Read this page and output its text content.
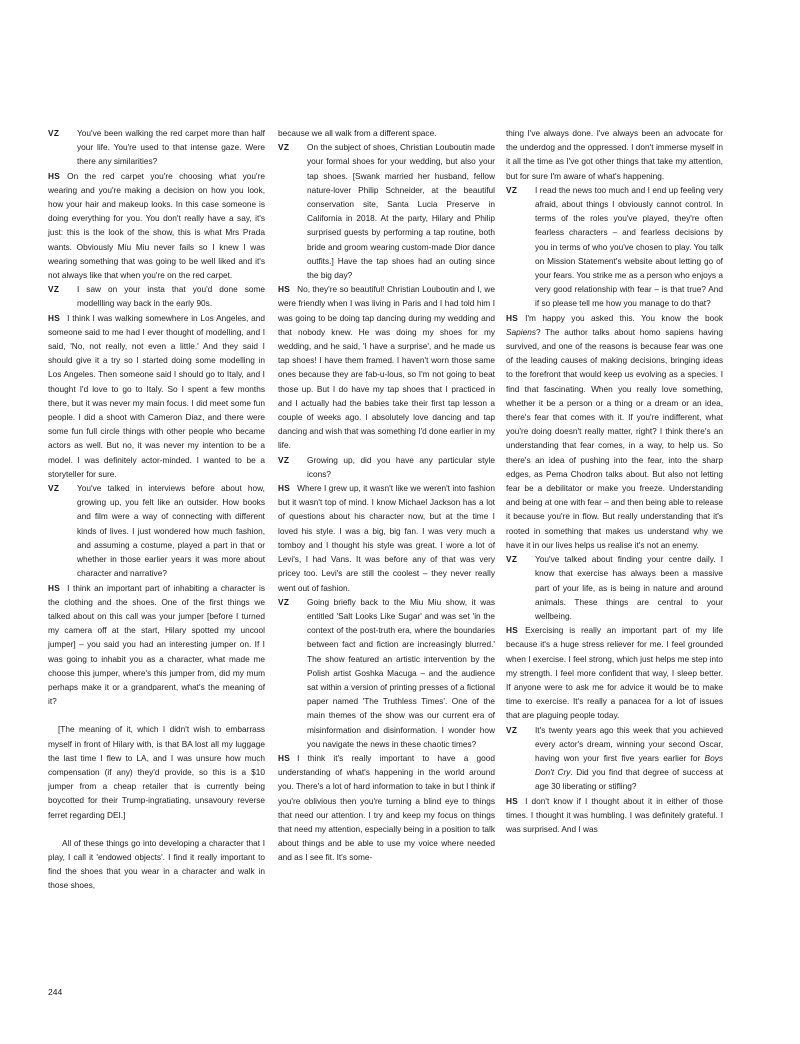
VZ You've been walking the red carpet more than half your life. You're used to that intense gaze. Were there any similarities?

HS On the red carpet you're choosing what you're wearing and you're making a decision on how you look, how your hair and makeup looks. In this case someone is doing everything for you. You don't really have a say, it's just: this is the look of the show, this is what Mrs Prada wants. Obviously Miu Miu never fails so I knew I was wearing something that was going to be well liked and it's not always like that when you're on the red carpet.

VZ I saw on your insta that you'd done some modellling way back in the early 90s.

HS I think I was walking somewhere in Los Angeles, and someone said to me had I ever thought of modelling, and I said, 'No, not really, not even a little.' And they said I should give it a try so I started doing some modelling in Los Angeles. Then someone said I should go to Italy, and I thought I'd love to go to Italy. So I spent a few months there, but it was never my main focus. I did meet some fun people. I did a shoot with Cameron Diaz, and there were some fun full circle things with other people who became actors as well. But no, it was never my intention to be a model. I was definitely actor-minded. I wanted to be a storyteller for sure.

VZ You've talked in interviews before about how, growing up, you felt like an outsider. How books and film were a way of connecting with different kinds of lives. I just wondered how much fashion, and assuming a costume, played a part in that or whether in those earlier years it was more about character and narrative?

HS I think an important part of inhabiting a character is the clothing and the shoes. One of the first things we talked about on this call was your jumper [before I turned my camera off at the start, Hilary spotted my uncool jumper] – you said you had an interesting jumper on. If I was going to inhabit you as a character, what made me choose this jumper, where's this jumper from, did my mum perhaps make it or a grandparent, what's the meaning of it?

[The meaning of it, which I didn't wish to embarrass myself in front of Hilary with, is that BA lost all my luggage the last time I flew to LA, and I was unsure how much compensation (if any) they'd provide, so this is a $10 jumper from a cheap retailer that is currently being boycotted for their Trump-ingratiating, unsavoury reverse ferret regarding DEI.]

All of these things go into developing a character that I play, I call it 'endowed objects'. I find it really important to find the shoes that you wear in a character and walk in those shoes,

because we all walk from a different space.

VZ On the subject of shoes, Christian Louboutin made your formal shoes for your wedding, but also your tap shoes. [Swank married her husband, fellow nature-lover Philip Schneider, at the beautiful conservation site, Santa Lucia Preserve in California in 2018. At the party, Hilary and Philip surprised guests by performing a tap routine, both bride and groom wearing custom-made Dior dance outfits.] Have the tap shoes had an outing since the big day?

HS No, they're so beautiful! Christian Louboutin and I, we were friendly when I was living in Paris and I had told him I was going to be doing tap dancing during my wedding and that nobody knew. He was doing my shoes for my wedding, and he said, 'I have a surprise', and he made us tap shoes! I have them framed. I haven't worn those same ones because they are fab-u-lous, so I'm not going to beat those up. But I do have my tap shoes that I practiced in and I actually had the babies take their first tap lesson a couple of weeks ago. I absolutely love dancing and tap dancing and wish that was something I'd done earlier in my life.

VZ Growing up, did you have any particular style icons?

HS Where I grew up, it wasn't like we weren't into fashion but it wasn't top of mind. I know Michael Jackson has a lot of questions about his character now, but at the time I loved his style. I was a big, big fan. I was very much a tomboy and I thought his style was great. I wore a lot of Levi's, I had Vans. It was before any of that was very pricey too. Levi's are still the coolest – they never really went out of fashion.

VZ Going briefly back to the Miu Miu show, it was entitled 'Salt Looks Like Sugar' and was set 'in the context of the post-truth era, where the boundaries between fact and fiction are increasingly blurred.' The show featured an artistic intervention by the Polish artist Goshka Macuga – and the audience sat within a version of printing presses of a fictional paper named 'The Truthless Times'. One of the main themes of the show was our current era of misinformation and disinformation. I wonder how you navigate the news in these chaotic times?

HS I think it's really important to have a good understanding of what's happening in the world around you. There's a lot of hard information to take in but I think if you're oblivious then you're turning a blind eye to things that need our attention. I try and keep my focus on things that need my attention, especially being in a position to talk about things and be able to use my voice where needed and as I see fit. It's some-

thing I've always done. I've always been an advocate for the underdog and the oppressed. I don't immerse myself in it all the time as I've got other things that take my attention, but for sure I'm aware of what's happening.

VZ I read the news too much and I end up feeling very afraid, about things I obviously cannot control. In terms of the roles you've played, they're often fearless characters – and fearless decisions by you in terms of who you've chosen to play. You talk on Mission Statement's website about letting go of your fears. You strike me as a person who enjoys a very good relationship with fear – is that true? And if so please tell me how you manage to do that?

HS I'm happy you asked this. You know the book Sapiens? The author talks about homo sapiens having survived, and one of the reasons is because fear was one of the leading causes of making decisions, bringing ideas to the forefront that would keep us evolving as a species. I find that fascinating. When you really love something, whether it be a person or a thing or a dream or an idea, there's fear that comes with it. If you're indifferent, what you're doing doesn't really matter, right? I think there's an understanding that fear comes, in a way, to help us. So there's an idea of pushing into the fear, into the sharp edges, as Pema Chodron talks about. But also not letting fear be a debilitator or make you freeze. Understanding and being at one with fear – and then being able to release it because you're in flow. But really understanding that it's rooted in something that makes us understand why we have it in our lives helps us realise it's not an enemy.

VZ You've talked about finding your centre daily. I know that exercise has always been a massive part of your life, as is being in nature and around animals. These things are central to your wellbeing.

HS Exercising is really an important part of my life because it's a huge stress reliever for me. I feel grounded when I exercise. I feel strong, which just helps me step into my strength. I feel more confident that way, I sleep better. If anyone were to ask me for advice it would be to make time to exercise. It's really a panacea for a lot of issues that are plaguing people today.

VZ It's twenty years ago this week that you achieved every actor's dream, winning your second Oscar, having won your first five years earlier for Boys Don't Cry. Did you find that degree of success at age 30 liberating or stifling?

HS I don't know if I thought about it in either of those times. I thought it was humbling. I was definitely grateful. I was surprised. And I was

244
